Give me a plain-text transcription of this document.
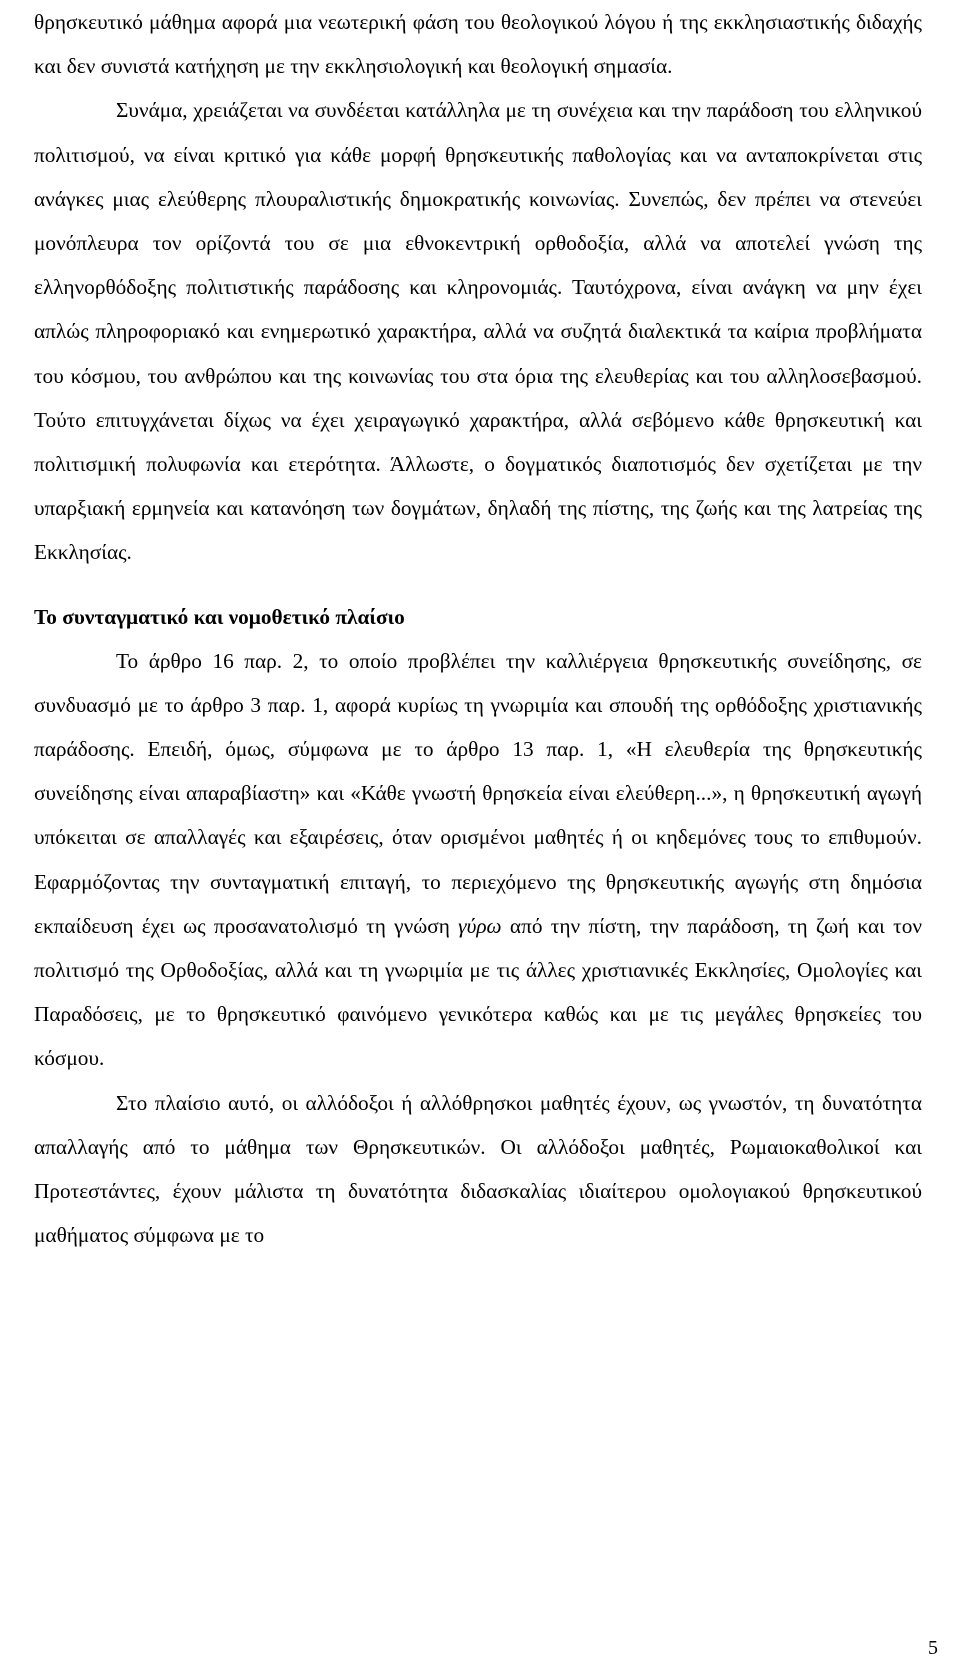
θρησκευτικό μάθημα αφορά μια νεωτερική φάση του θεολογικού λόγου ή της εκκλησιαστικής διδαχής και δεν συνιστά κατήχηση με την εκκλησιολογική και θεολογική σημασία.

Συνάμα, χρειάζεται να συνδέεται κατάλληλα με τη συνέχεια και την παράδοση του ελληνικού πολιτισμού, να είναι κριτικό για κάθε μορφή θρησκευτικής παθολογίας και να ανταποκρίνεται στις ανάγκες μιας ελεύθερης πλουραλιστικής δημοκρατικής κοινωνίας. Συνεπώς, δεν πρέπει να στενεύει μονόπλευρα τον ορίζοντά του σε μια εθνοκεντρική ορθοδοξία, αλλά να αποτελεί γνώση της ελληνορθόδοξης πολιτιστικής παράδοσης και κληρονομιάς. Ταυτόχρονα, είναι ανάγκη να μην έχει απλώς πληροφοριακό και ενημερωτικό χαρακτήρα, αλλά να συζητά διαλεκτικά τα καίρια προβλήματα του κόσμου, του ανθρώπου και της κοινωνίας του στα όρια της ελευθερίας και του αλληλοσεβασμού. Τούτο επιτυγχάνεται δίχως να έχει χειραγωγικό χαρακτήρα, αλλά σεβόμενο κάθε θρησκευτική και πολιτισμική πολυφωνία και ετερότητα. Άλλωστε, ο δογματικός διαποτισμός δεν σχετίζεται με την υπαρξιακή ερμηνεία και κατανόηση των δογμάτων, δηλαδή της πίστης, της ζωής και της λατρείας της Εκκλησίας.

Το συνταγματικό και νομοθετικό πλαίσιο

Το άρθρο 16 παρ. 2, το οποίο προβλέπει την καλλιέργεια θρησκευτικής συνείδησης, σε συνδυασμό με το άρθρο 3 παρ. 1, αφορά κυρίως τη γνωριμία και σπουδή της ορθόδοξης χριστιανικής παράδοσης. Επειδή, όμως, σύμφωνα με το άρθρο 13 παρ. 1, «Η ελευθερία της θρησκευτικής συνείδησης είναι απαραβίαστη» και «Κάθε γνωστή θρησκεία είναι ελεύθερη...», η θρησκευτική αγωγή υπόκειται σε απαλλαγές και εξαιρέσεις, όταν ορισμένοι μαθητές ή οι κηδεμόνες τους το επιθυμούν. Εφαρμόζοντας την συνταγματική επιταγή, το περιεχόμενο της θρησκευτικής αγωγής στη δημόσια εκπαίδευση έχει ως προσανατολισμό τη γνώση γύρω από την πίστη, την παράδοση, τη ζωή και τον πολιτισμό της Ορθοδοξίας, αλλά και τη γνωριμία με τις άλλες χριστιανικές Εκκλησίες, Ομολογίες και Παραδόσεις, με το θρησκευτικό φαινόμενο γενικότερα καθώς και με τις μεγάλες θρησκείες του κόσμου.

Στο πλαίσιο αυτό, οι αλλόδοξοι ή αλλόθρησκοι μαθητές έχουν, ως γνωστόν, τη δυνατότητα απαλλαγής από το μάθημα των Θρησκευτικών. Οι αλλόδοξοι μαθητές, Ρωμαιοκαθολικοί και Προτεστάντες, έχουν μάλιστα τη δυνατότητα διδασκαλίας ιδιαίτερου ομολογιακού θρησκευτικού μαθήματος σύμφωνα με το

5
